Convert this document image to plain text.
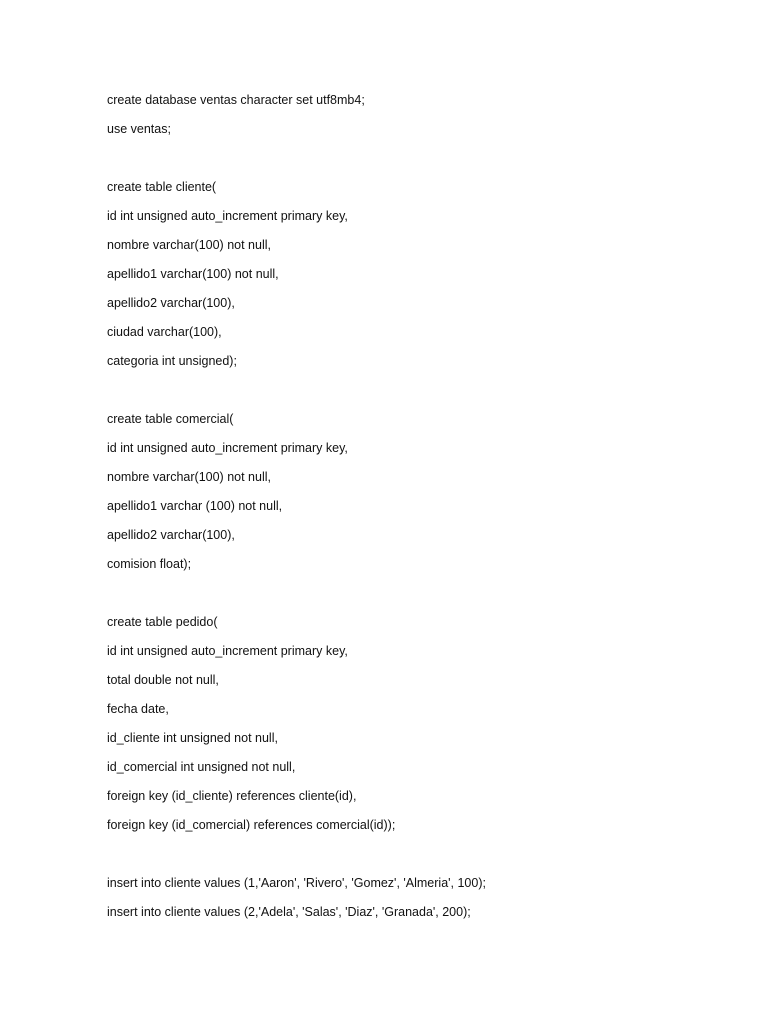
create database ventas character set utf8mb4;
use ventas;
create table cliente(
id int unsigned auto_increment primary key,
nombre varchar(100) not null,
apellido1 varchar(100) not null,
apellido2 varchar(100),
ciudad varchar(100),
categoria int unsigned);
create table comercial(
id int unsigned auto_increment primary key,
nombre varchar(100) not null,
apellido1 varchar (100) not null,
apellido2 varchar(100),
comision float);
create table pedido(
id int unsigned auto_increment primary key,
total double not null,
fecha date,
id_cliente int unsigned not null,
id_comercial int unsigned not null,
foreign key (id_cliente) references cliente(id),
foreign key (id_comercial) references comercial(id));
insert into cliente values (1,'Aaron', 'Rivero', 'Gomez', 'Almeria', 100);
insert into cliente values (2,'Adela', 'Salas', 'Diaz', 'Granada', 200);
